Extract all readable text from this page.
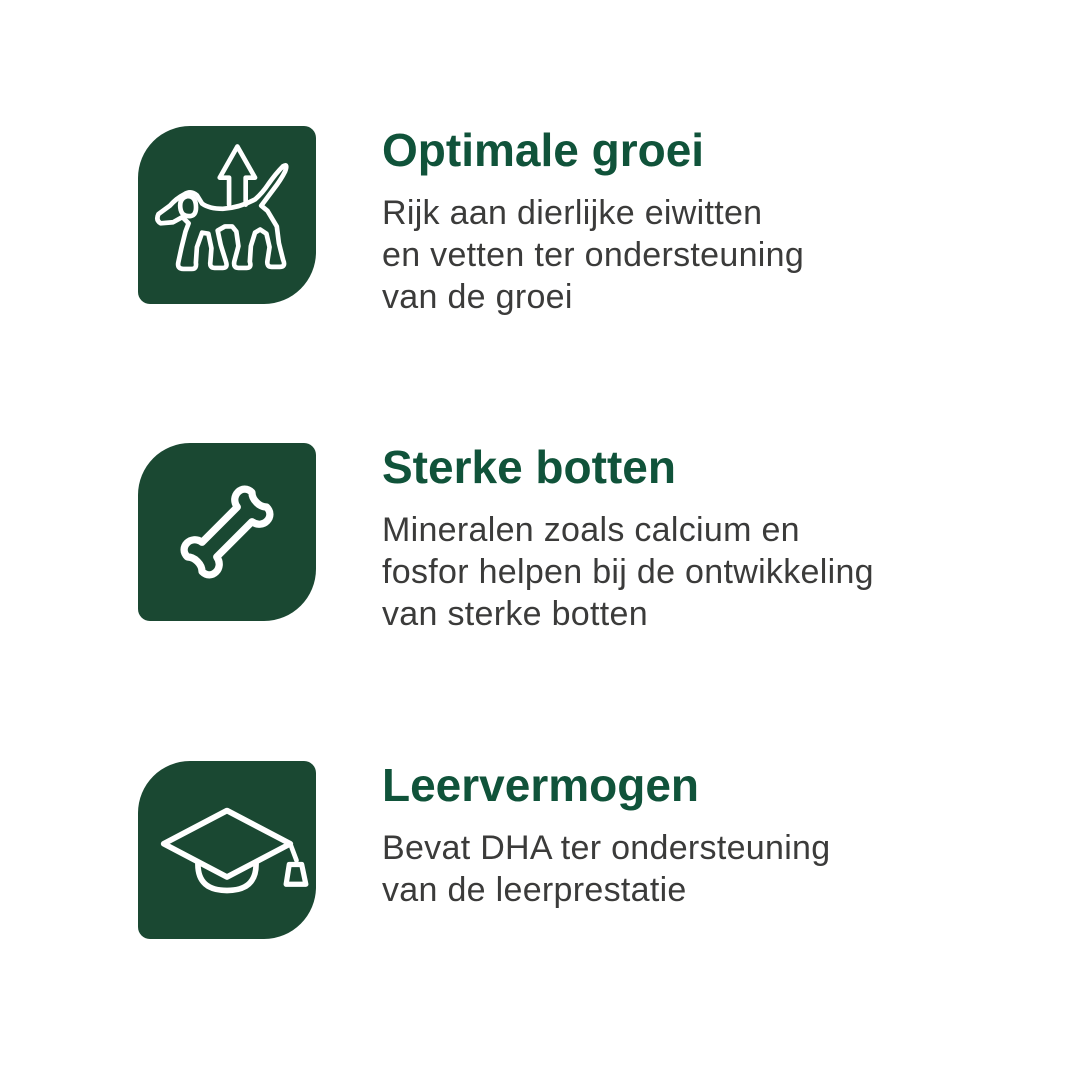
Optimale groei

Rijk aan dierlijke eiwitten
en vetten ter ondersteuning
van de groei

Sterke botten

Mineralen zoals calcium en
fosfor helpen bij de ontwikkeling
van sterke botten

Leervermogen

Bevat DHA ter ondersteuning
van de leerprestatie
